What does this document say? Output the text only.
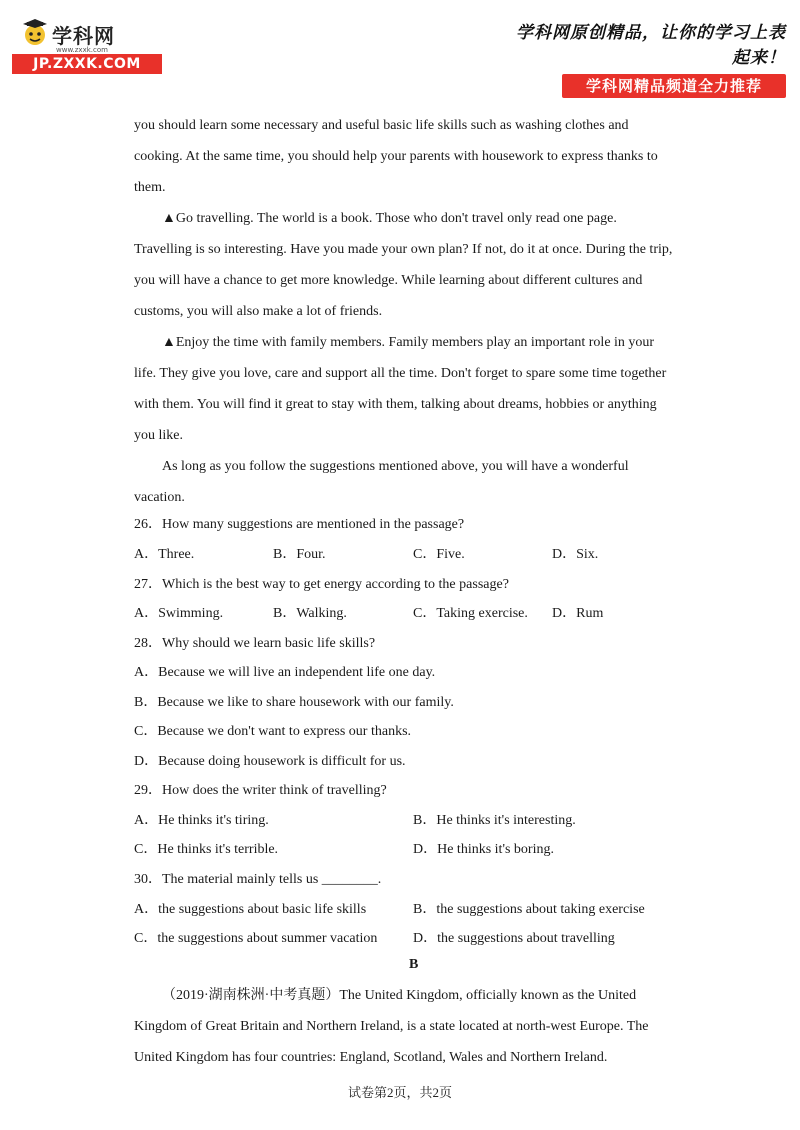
学科网
www.zxxk.com
JP.ZXXK.COM
学科网原创精品，让你的学习上表起来！
学科网精品频道全力推荐

you should learn some necessary and useful basic life skills such as washing clothes and cooking. At the same time, you should help your parents with housework to express thanks to them.

▲Go travelling. The world is a book. Those who don't travel only read one page. Travelling is so interesting. Have you made your own plan? If not, do it at once. During the trip, you will have a chance to get more knowledge. While learning about different cultures and customs, you will also make a lot of friends.

▲Enjoy the time with family members. Family members play an important role in your life. They give you love, care and support all the time. Don't forget to spare some time together with them. You will find it great to stay with them, talking about dreams, hobbies or anything you like.

As long as you follow the suggestions mentioned above, you will have a wonderful vacation.

26．How many suggestions are mentioned in the passage?
A．Three.	B．Four.	C．Five.	D．Six.
27．Which is the best way to get energy according to the passage?
A．Swimming.	B．Walking.	C．Taking exercise. D．Rum
28．Why should we learn basic life skills?
A．Because we will live an independent life one day.
B．Because we like to share housework with our family.
C．Because we don't want to express our thanks.
D．Because doing housework is difficult for us.
29．How does the writer think of travelling?
A．He thinks it's tiring.	B．He thinks it's interesting.
C．He thinks it's terrible.	D．He thinks it's boring.
30．The material mainly tells us ________.
A．the suggestions about basic life skills	B．the suggestions about taking exercise
C．the suggestions about summer vacation	D．the suggestions about travelling
B
（2019·湖南株洲·中考真题）The United Kingdom, officially known as the United Kingdom of Great Britain and Northern Ireland, is a state located at north-west Europe. The United Kingdom has four countries: England, Scotland, Wales and Northern Ireland.
试卷第2页，共2页
